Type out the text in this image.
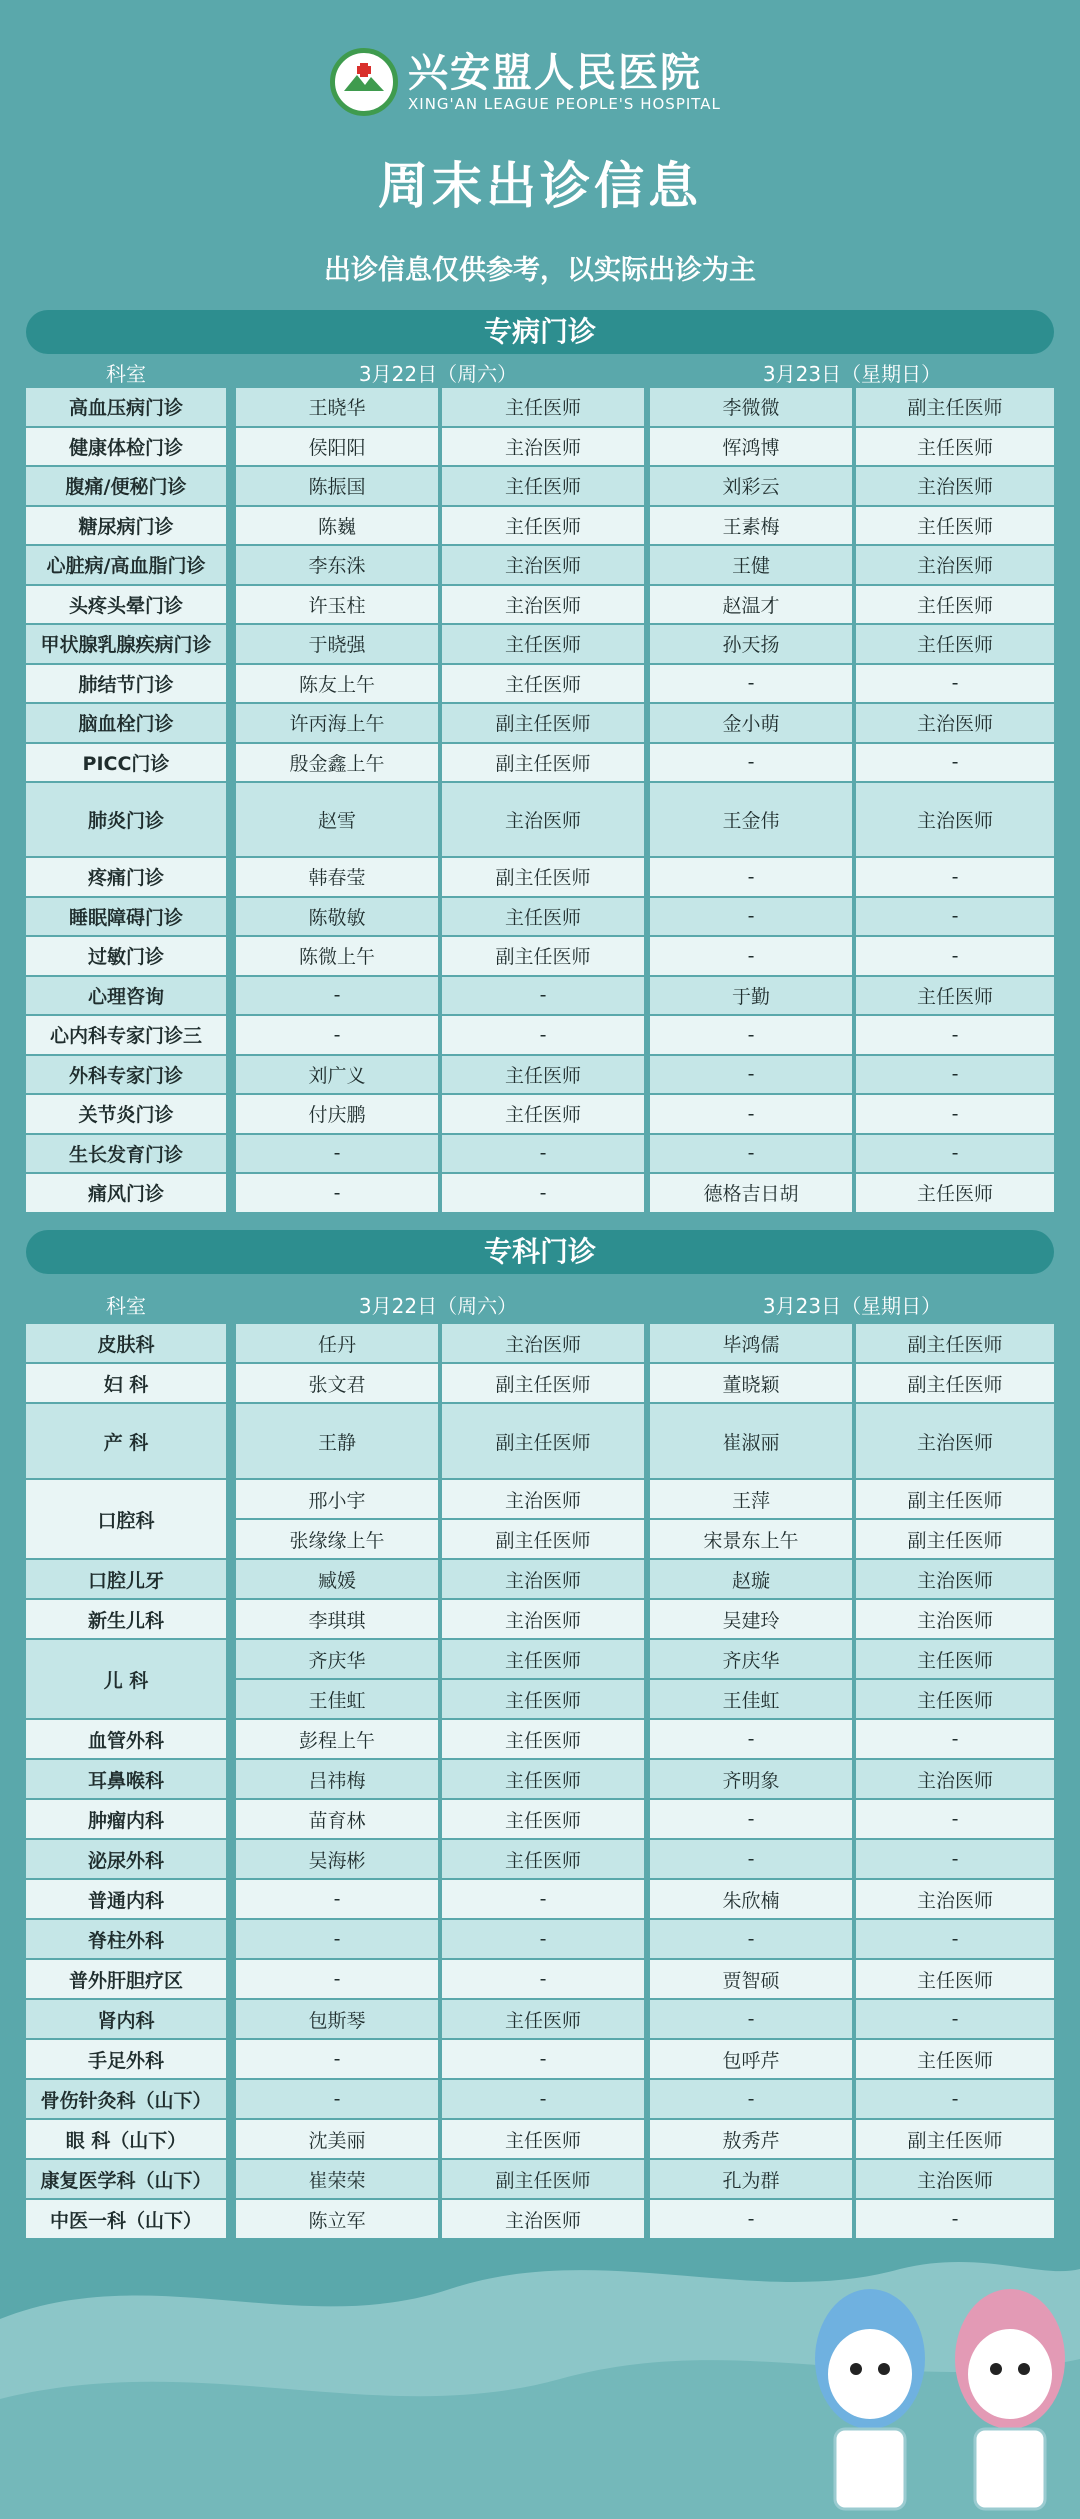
兴安盟人民医院
XING'AN LEAGUE PEOPLE'S HOSPITAL
周末出诊信息
出诊信息仅供参考，以实际出诊为主
专病门诊
科室	3月22日（周六）	3月23日（星期日）
高血压病门诊	王晓华	主任医师	李微微	副主任医师
健康体检门诊	侯阳阳	主治医师	恽鸿博	主任医师
腹痛/便秘门诊	陈振国	主任医师	刘彩云	主治医师
糖尿病门诊	陈巍	主任医师	王素梅	主任医师
心脏病/高血脂门诊	李东洙	主治医师	王健	主治医师
头疼头晕门诊	许玉柱	主治医师	赵温才	主任医师
甲状腺乳腺疾病门诊	于晓强	主任医师	孙天扬	主任医师
肺结节门诊	陈友上午	主任医师	-	-
脑血栓门诊	许丙海上午	副主任医师	金小萌	主治医师
PICC门诊	殷金鑫上午	副主任医师	-	-
肺炎门诊	赵雪	主治医师	王金伟	主治医师
疼痛门诊	韩春莹	副主任医师	-	-
睡眠障碍门诊	陈敬敏	主任医师	-	-
过敏门诊	陈微上午	副主任医师	-	-
心理咨询	-	-	于勤	主任医师
心内科专家门诊三	-	-	-	-
外科专家门诊	刘广义	主任医师	-	-
关节炎门诊	付庆鹏	主任医师	-	-
生长发育门诊	-	-	-	-
痛风门诊	-	-	德格吉日胡	主任医师
专科门诊
科室	3月22日（周六）	3月23日（星期日）
皮肤科	任丹	主治医师	毕鸿儒	副主任医师
妇 科	张文君	副主任医师	董晓颖	副主任医师
产 科	王静	副主任医师	崔淑丽	主治医师
口腔科
邢小宇	主治医师	王萍	副主任医师
张缘缘上午	副主任医师	宋景东上午	副主任医师
口腔儿牙	臧媛	主治医师	赵璇	主治医师
新生儿科	李琪琪	主治医师	吴建玲	主治医师
儿 科
齐庆华	主任医师	齐庆华	主任医师
王佳虹	主任医师	王佳虹	主任医师
血管外科	彭程上午	主任医师	-	-
耳鼻喉科	吕祎梅	主任医师	齐明象	主治医师
肿瘤内科	苗育林	主任医师	-	-
泌尿外科	吴海彬	主任医师	-	-
普通内科	-	-	朱欣楠	主治医师
脊柱外科	-	-	-	-
普外肝胆疗区	-	-	贾智硕	主任医师
肾内科	包斯琴	主任医师	-	-
手足外科	-	-	包呼芹	主任医师
骨伤针灸科（山下）	-	-	-	-
眼 科（山下）	沈美丽	主任医师	敖秀芹	副主任医师
康复医学科（山下）	崔荣荣	副主任医师	孔为群	主治医师
中医一科（山下）	陈立军	主治医师	-	-
